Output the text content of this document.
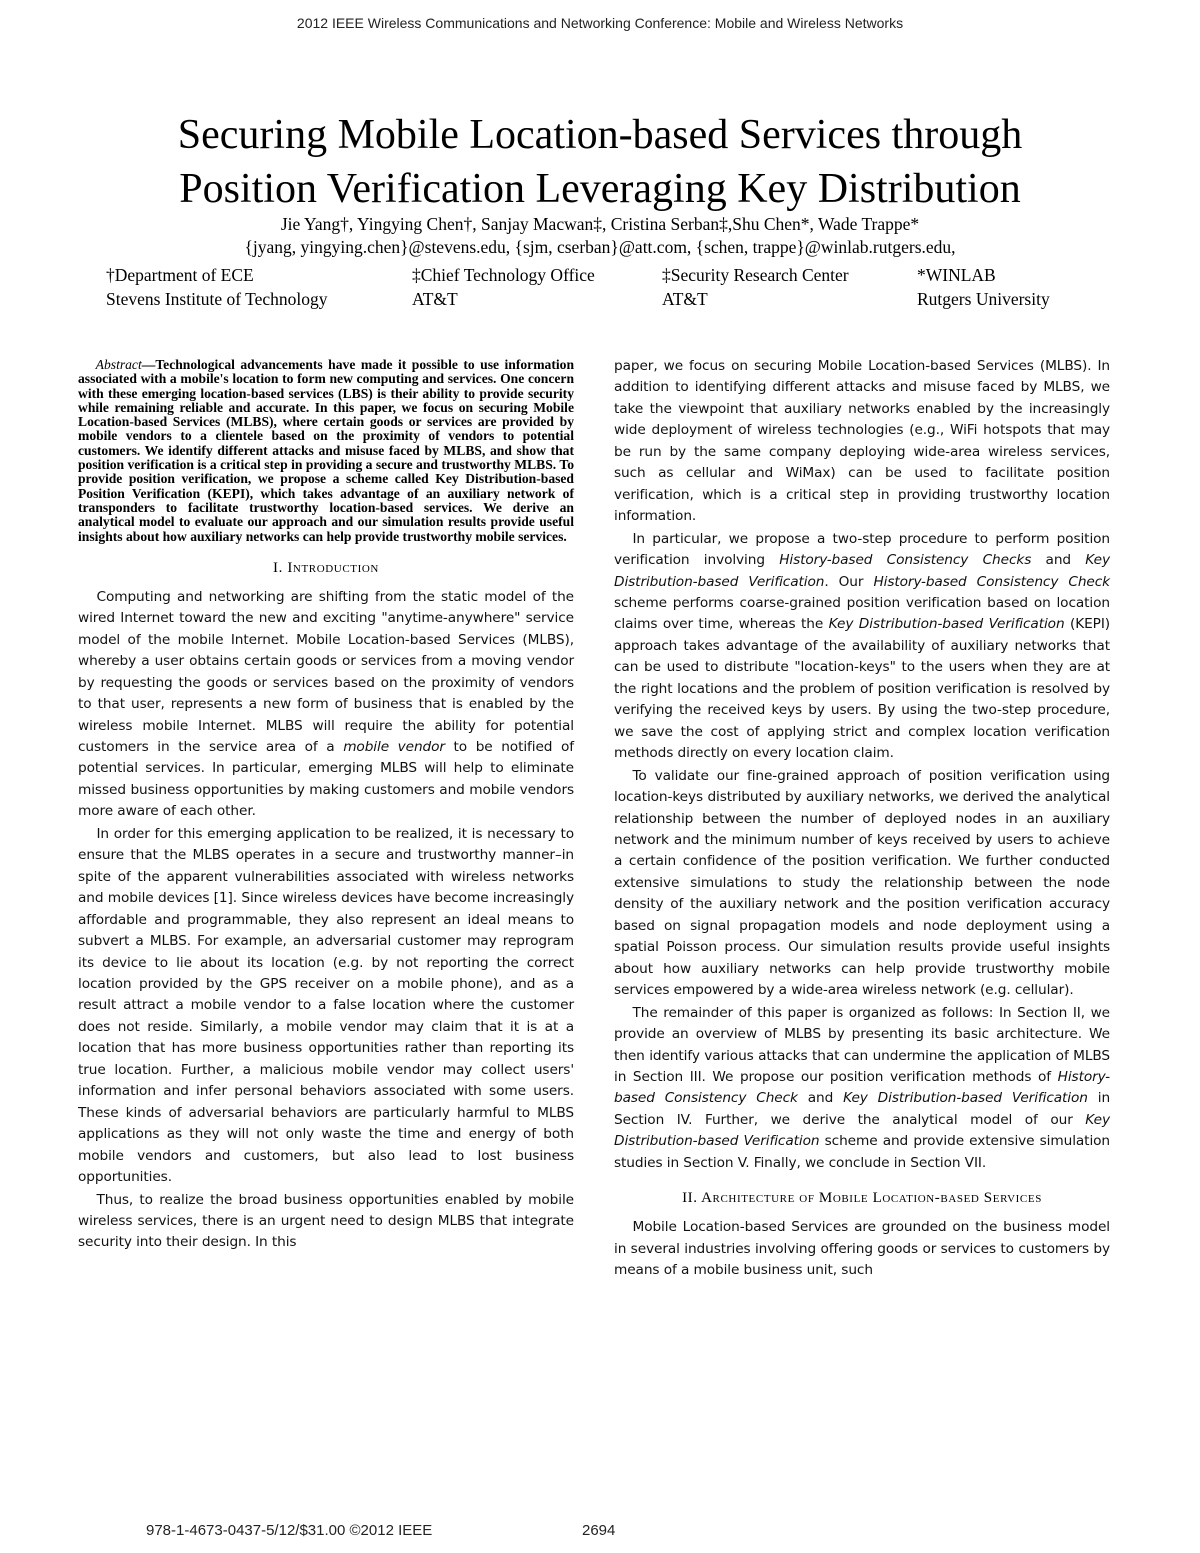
2012 IEEE Wireless Communications and Networking Conference: Mobile and Wireless Networks
Securing Mobile Location-based Services through
Position Verification Leveraging Key Distribution
Jie Yang†, Yingying Chen†, Sanjay Macwan‡, Cristina Serban‡,Shu Chen*, Wade Trappe*
{jyang, yingying.chen}@stevens.edu, {sjm, cserban}@att.com, {schen, trappe}@winlab.rutgers.edu,
†Department of ECE
Stevens Institute of Technology
‡Chief Technology Office
AT&T
‡Security Research Center
AT&T
*WINLAB
Rutgers University

Abstract—Technological advancements have made it possible to use information associated with a mobile's location to form new computing and services. One concern with these emerging location-based services (LBS) is their ability to provide security while remaining reliable and accurate. In this paper, we focus on securing Mobile Location-based Services (MLBS), where certain goods or services are provided by mobile vendors to a clientele based on the proximity of vendors to potential customers. We identify different attacks and misuse faced by MLBS, and show that position verification is a critical step in providing a secure and trustworthy MLBS. To provide position verification, we propose a scheme called Key Distribution-based Position Verification (KEPI), which takes advantage of an auxiliary network of transponders to facilitate trustworthy location-based services. We derive an analytical model to evaluate our approach and our simulation results provide useful insights about how auxiliary networks can help provide trustworthy mobile services.

I. Introduction

Computing and networking are shifting from the static model of the wired Internet toward the new and exciting "anytime-anywhere" service model of the mobile Internet. Mobile Location-based Services (MLBS), whereby a user obtains certain goods or services from a moving vendor by requesting the goods or services based on the proximity of vendors to that user, represents a new form of business that is enabled by the wireless mobile Internet. MLBS will require the ability for potential customers in the service area of a mobile vendor to be notified of potential services. In particular, emerging MLBS will help to eliminate missed business opportunities by making customers and mobile vendors more aware of each other.

In order for this emerging application to be realized, it is necessary to ensure that the MLBS operates in a secure and trustworthy manner–in spite of the apparent vulnerabilities associated with wireless networks and mobile devices [1]. Since wireless devices have become increasingly affordable and programmable, they also represent an ideal means to subvert a MLBS. For example, an adversarial customer may reprogram its device to lie about its location (e.g. by not reporting the correct location provided by the GPS receiver on a mobile phone), and as a result attract a mobile vendor to a false location where the customer does not reside. Similarly, a mobile vendor may claim that it is at a location that has more business opportunities rather than reporting its true location. Further, a malicious mobile vendor may collect users' information and infer personal behaviors associated with some users. These kinds of adversarial behaviors are particularly harmful to MLBS applications as they will not only waste the time and energy of both mobile vendors and customers, but also lead to lost business opportunities.

Thus, to realize the broad business opportunities enabled by mobile wireless services, there is an urgent need to design MLBS that integrate security into their design. In this

paper, we focus on securing Mobile Location-based Services (MLBS). In addition to identifying different attacks and misuse faced by MLBS, we take the viewpoint that auxiliary networks enabled by the increasingly wide deployment of wireless technologies (e.g., WiFi hotspots that may be run by the same company deploying wide-area wireless services, such as cellular and WiMax) can be used to facilitate position verification, which is a critical step in providing trustworthy location information.

In particular, we propose a two-step procedure to perform position verification involving History-based Consistency Checks and Key Distribution-based Verification. Our History-based Consistency Check scheme performs coarse-grained position verification based on location claims over time, whereas the Key Distribution-based Verification (KEPI) approach takes advantage of the availability of auxiliary networks that can be used to distribute "location-keys" to the users when they are at the right locations and the problem of position verification is resolved by verifying the received keys by users. By using the two-step procedure, we save the cost of applying strict and complex location verification methods directly on every location claim.

To validate our fine-grained approach of position verification using location-keys distributed by auxiliary networks, we derived the analytical relationship between the number of deployed nodes in an auxiliary network and the minimum number of keys received by users to achieve a certain confidence of the position verification. We further conducted extensive simulations to study the relationship between the node density of the auxiliary network and the position verification accuracy based on signal propagation models and node deployment using a spatial Poisson process. Our simulation results provide useful insights about how auxiliary networks can help provide trustworthy mobile services empowered by a wide-area wireless network (e.g. cellular).

The remainder of this paper is organized as follows: In Section II, we provide an overview of MLBS by presenting its basic architecture. We then identify various attacks that can undermine the application of MLBS in Section III. We propose our position verification methods of History-based Consistency Check and Key Distribution-based Verification in Section IV. Further, we derive the analytical model of our Key Distribution-based Verification scheme and provide extensive simulation studies in Section V. Finally, we conclude in Section VII.

II. Architecture of Mobile Location-based Services

Mobile Location-based Services are grounded on the business model in several industries involving offering goods or services to customers by means of a mobile business unit, such

978-1-4673-0437-5/12/$31.00 ©2012 IEEE	2694
